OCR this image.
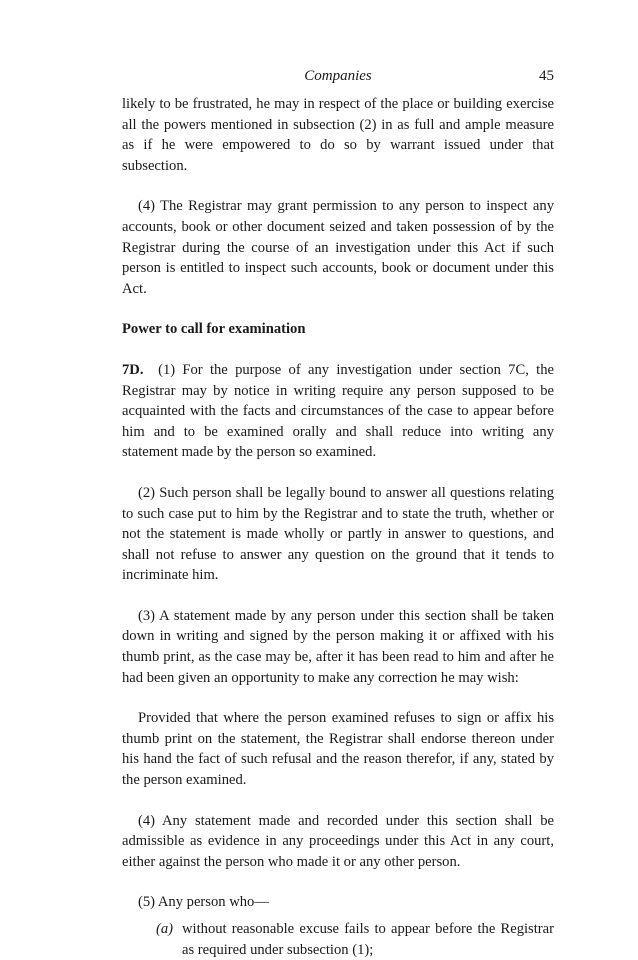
Companies	45

likely to be frustrated, he may in respect of the place or building exercise all the powers mentioned in subsection (2) in as full and ample measure as if he were empowered to do so by warrant issued under that subsection.

(4) The Registrar may grant permission to any person to inspect any accounts, book or other document seized and taken possession of by the Registrar during the course of an investigation under this Act if such person is entitled to inspect such accounts, book or document under this Act.

Power to call for examination

7D. (1) For the purpose of any investigation under section 7C, the Registrar may by notice in writing require any person supposed to be acquainted with the facts and circumstances of the case to appear before him and to be examined orally and shall reduce into writing any statement made by the person so examined.

(2) Such person shall be legally bound to answer all questions relating to such case put to him by the Registrar and to state the truth, whether or not the statement is made wholly or partly in answer to questions, and shall not refuse to answer any question on the ground that it tends to incriminate him.

(3) A statement made by any person under this section shall be taken down in writing and signed by the person making it or affixed with his thumb print, as the case may be, after it has been read to him and after he had been given an opportunity to make any correction he may wish:

Provided that where the person examined refuses to sign or affix his thumb print on the statement, the Registrar shall endorse thereon under his hand the fact of such refusal and the reason therefor, if any, stated by the person examined.

(4) Any statement made and recorded under this section shall be admissible as evidence in any proceedings under this Act in any court, either against the person who made it or any other person.

(5) Any person who—

(a) without reasonable excuse fails to appear before the Registrar as required under subsection (1);
